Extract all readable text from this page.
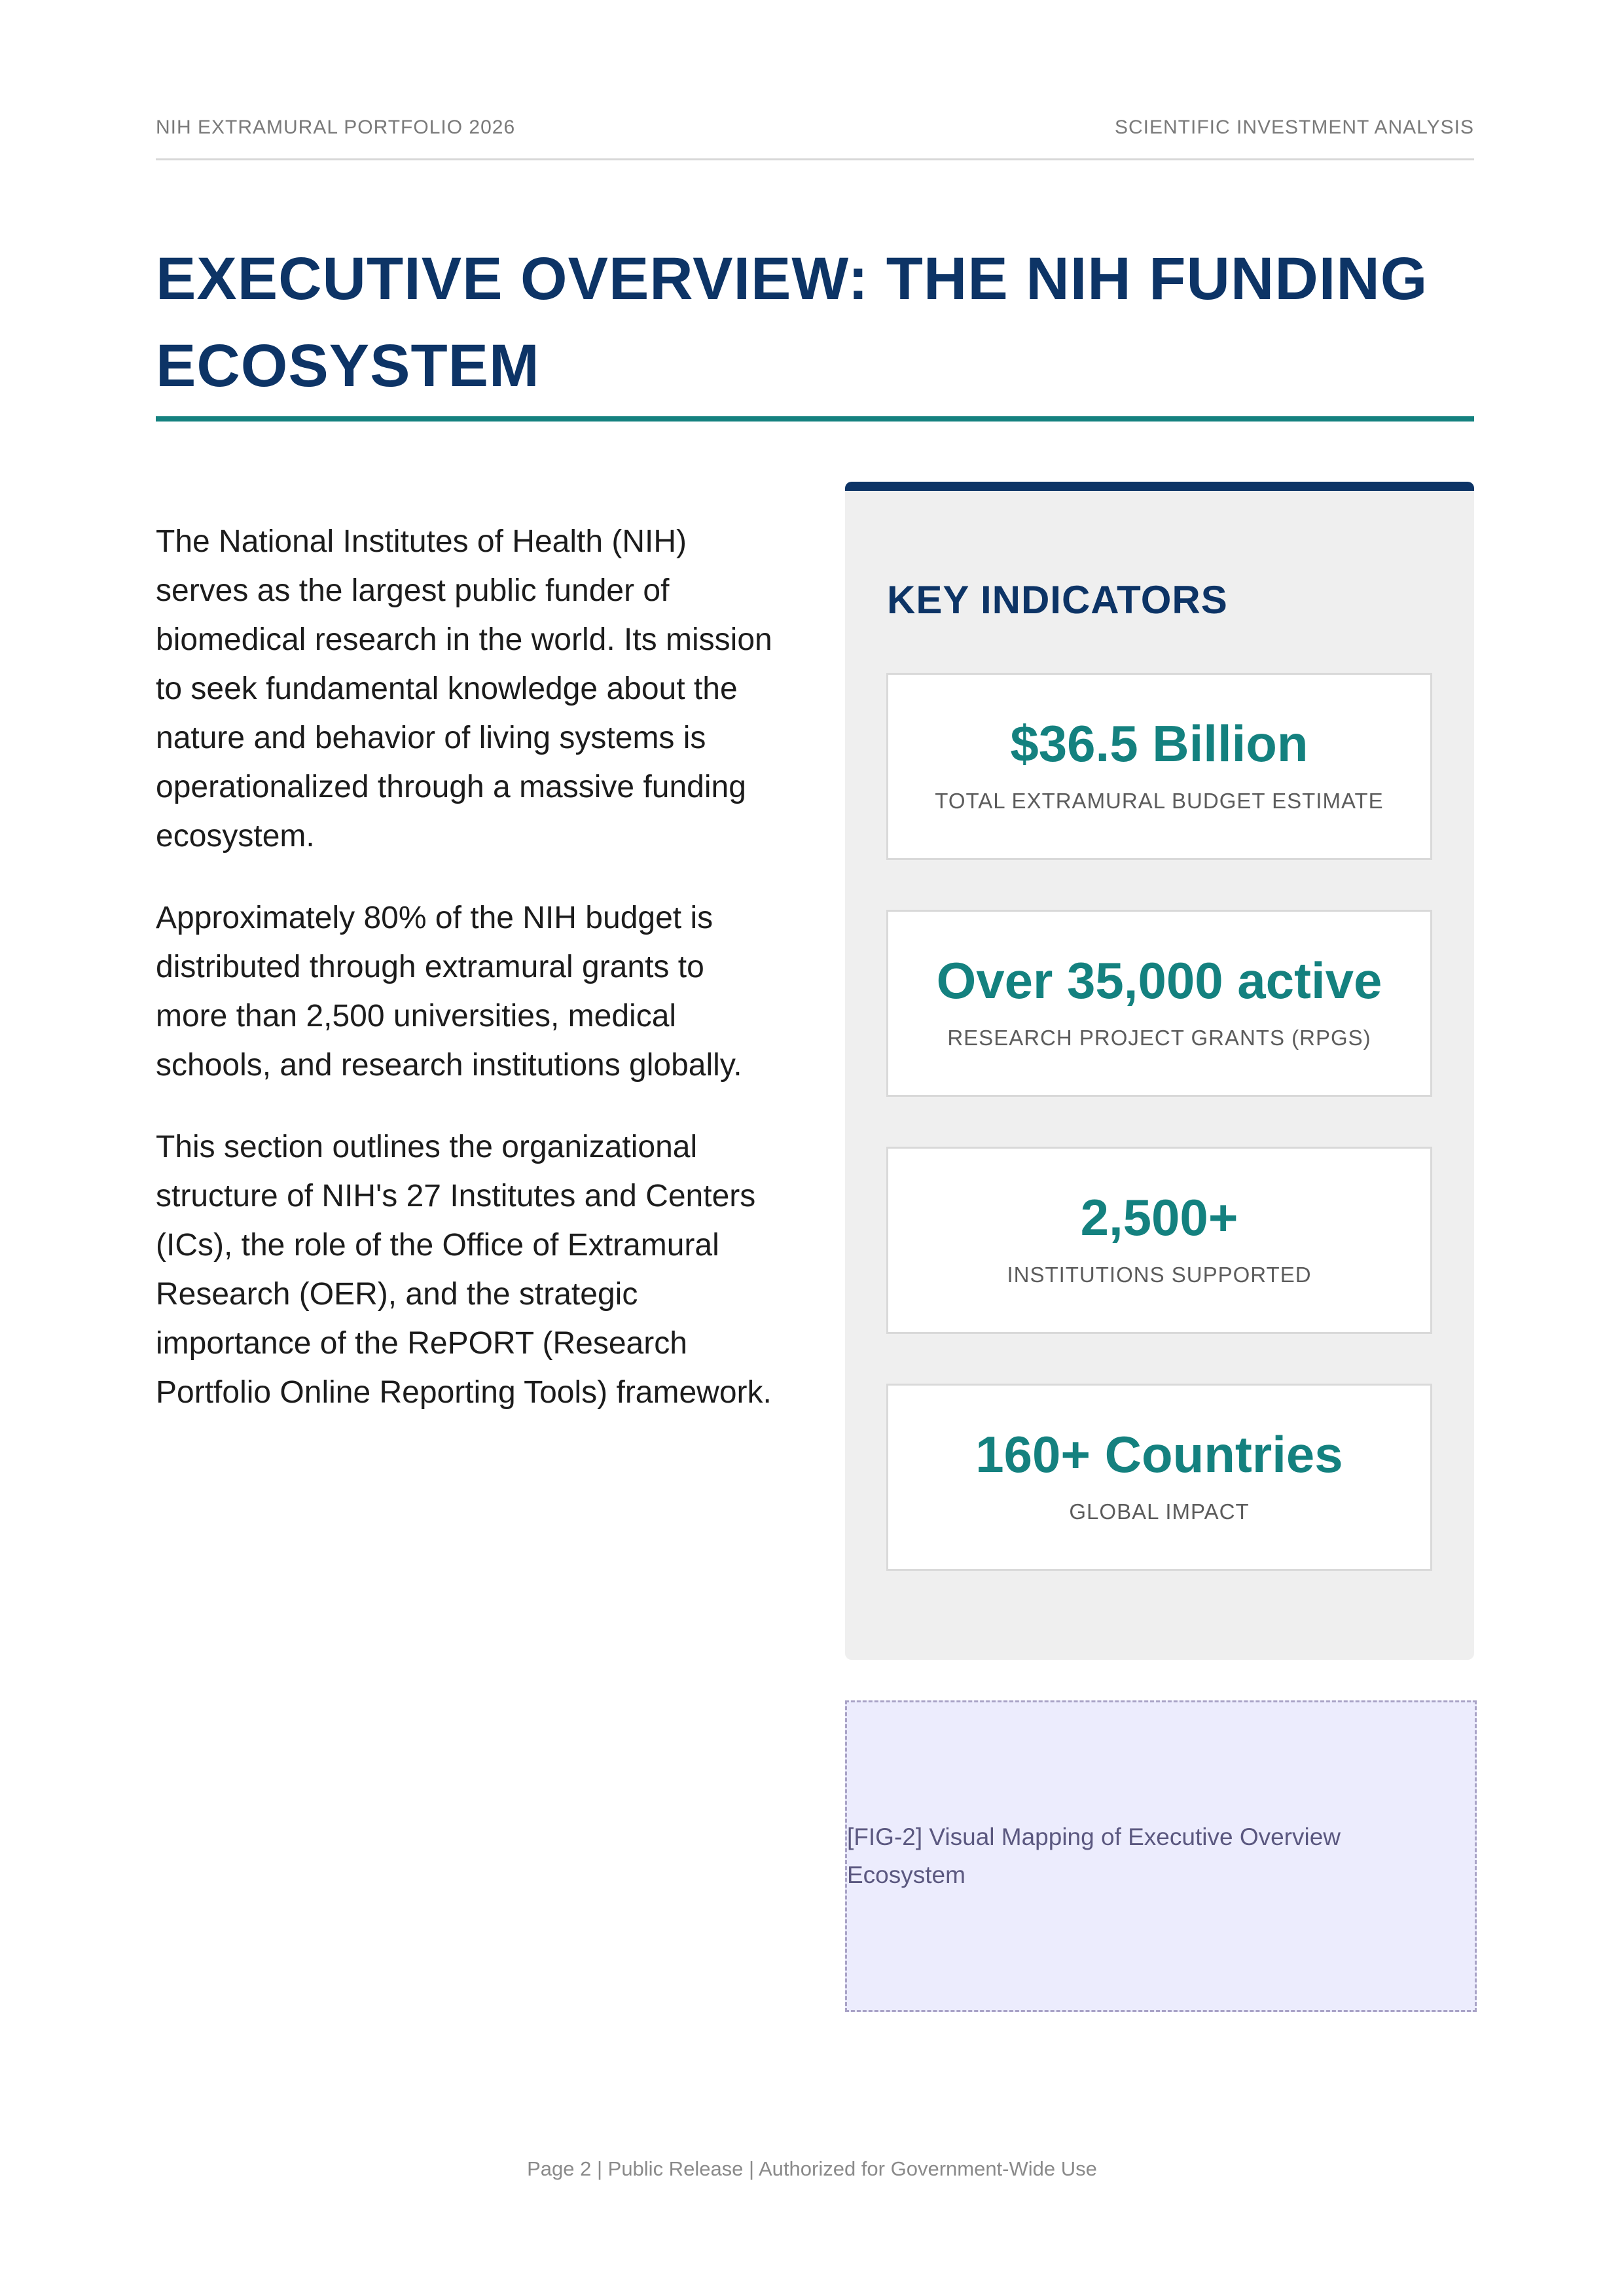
NIH EXTRAMURAL PORTFOLIO 2026	SCIENTIFIC INVESTMENT ANALYSIS
EXECUTIVE OVERVIEW: THE NIH FUNDING ECOSYSTEM

The National Institutes of Health (NIH) serves as the largest public funder of biomedical research in the world. Its mission to seek fundamental knowledge about the nature and behavior of living systems is operationalized through a massive funding ecosystem.

Approximately 80% of the NIH budget is distributed through extramural grants to more than 2,500 universities, medical schools, and research institutions globally.

This section outlines the organizational structure of NIH's 27 Institutes and Centers (ICs), the role of the Office of Extramural Research (OER), and the strategic importance of the RePORT (Research Portfolio Online Reporting Tools) framework.

KEY INDICATORS
$36.5 Billion
TOTAL EXTRAMURAL BUDGET ESTIMATE
Over 35,000 active
RESEARCH PROJECT GRANTS (RPGS)
2,500+
INSTITUTIONS SUPPORTED
160+ Countries
GLOBAL IMPACT
[FIG-2] Visual Mapping of Executive Overview Ecosystem
Page 2 | Public Release | Authorized for Government-Wide Use
